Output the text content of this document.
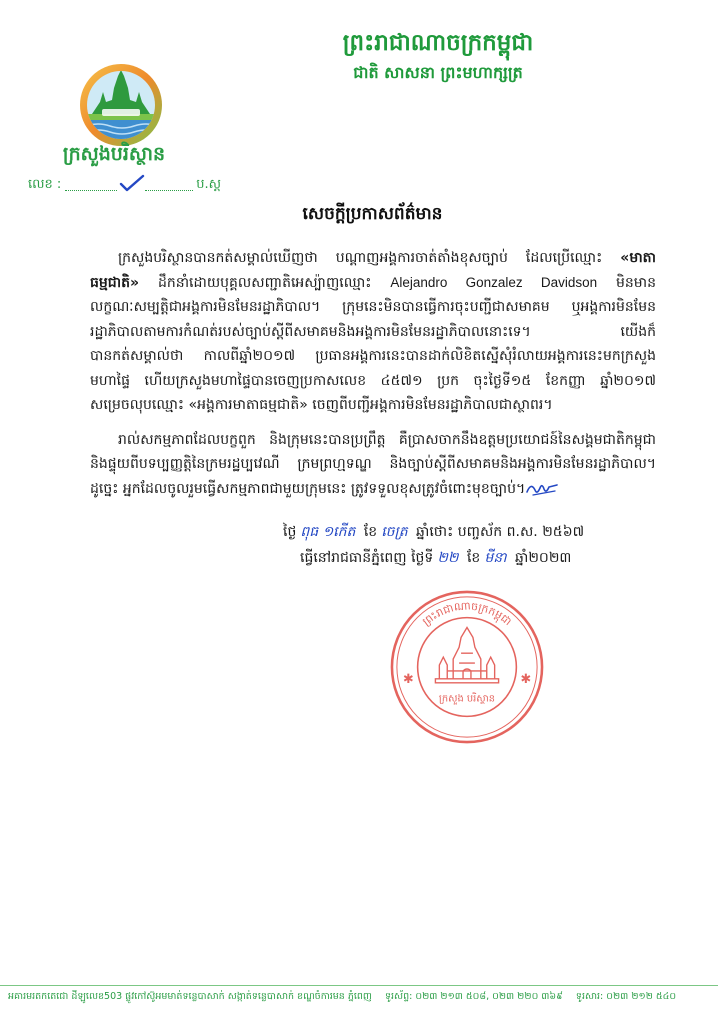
ព្រះរាជាណាចក្រកម្ពុជា
ជាតិ សាសនា ព្រះមហាក្សត្រ
ក្រសួងបរិស្ថាន
លេខ :	ប.ស្ត
សេចក្តីប្រកាសព័ត៌មាន

ក្រសួងបរិស្ថានបានកត់សម្គាល់ឃើញថា បណ្តាញអង្គការចាត់តាំងខុសច្បាប់ ដែលប្រើឈ្មោះ «មាតាធម្មជាតិ» ដឹកនាំដោយបុគ្គលសញ្ជាតិអេស្ប៉ាញឈ្មោះ Alejandro Gonzalez Davidson មិនមានលក្ខណៈសម្បត្តិជាអង្គការមិនមែនរដ្ឋាភិបាល។ ក្រុមនេះមិនបានធ្វើការចុះបញ្ជីជាសមាគម ឬអង្គការមិនមែនរដ្ឋាភិបាលតាមការកំណត់របស់ច្បាប់ស្តីពីសមាគមនិងអង្គការមិនមែនរដ្ឋាភិបាលនោះទេ។ យើងក៏បានកត់សម្គាល់ថា កាលពីឆ្នាំ២០១៧ ប្រធានអង្គការនេះបានដាក់លិខិតស្នើសុំរំលាយអង្គការនេះមកក្រសួងមហាផ្ទៃ ហើយក្រសួងមហាផ្ទៃបានចេញប្រកាសលេខ ៤៥៧១ ប្រក ចុះថ្ងៃទី១៥ ខែកញ្ញា ឆ្នាំ២០១៧ សម្រេចលុបឈ្មោះ «អង្គការមាតាធម្មជាតិ» ចេញពីបញ្ជីអង្គការមិនមែនរដ្ឋាភិបាលជាស្ថាពរ។

រាល់សកម្មភាពដែលបក្ខពួក និងក្រុមនេះបានប្រព្រឹត្ត គឺប្រាសចាកនឹងឧត្តមប្រយោជន៍នៃសង្គមជាតិកម្ពុជា និងផ្ទុយពីបទប្បញ្ញត្តិនៃក្រមរដ្ឋប្បវេណី ក្រមព្រហ្មទណ្ឌ និងច្បាប់ស្តីពីសមាគមនិងអង្គការមិនមែនរដ្ឋាភិបាល។ ដូច្នេះ អ្នកដែលចូលរួមធ្វើសកម្មភាពជាមួយក្រុមនេះ ត្រូវទទួលខុសត្រូវចំពោះមុខច្បាប់។

ថ្ងៃ ពុធ ១កើត ខែ ចេត្រ ឆ្នាំថោះ បញ្ចស័ក ព.ស. ២៥៦៧
ធ្វើនៅរាជធានីភ្នំពេញ ថ្ងៃទី ២២ ខែ មីនា ឆ្នាំ២០២៣
ព្រះរាជាណាចក្រកម្ពុជា
✱	✱
ក្រសួង បរិស្ថាន
អគារមរតកតេជោ ដីឡូលេខ503 ផ្លូវកៅស៊ូអមមាត់ទន្លេបាសាក់ សង្កាត់ទន្លេបាសាក់ ខណ្ឌចំការមន ភ្នំពេញ ទូរស័ព្ទ: ០២៣ ២១៣ ៥០៨, ០២៣ ២២០ ៣៦៩ ទូរសារ: ០២៣ ២១២ ៥៤០
